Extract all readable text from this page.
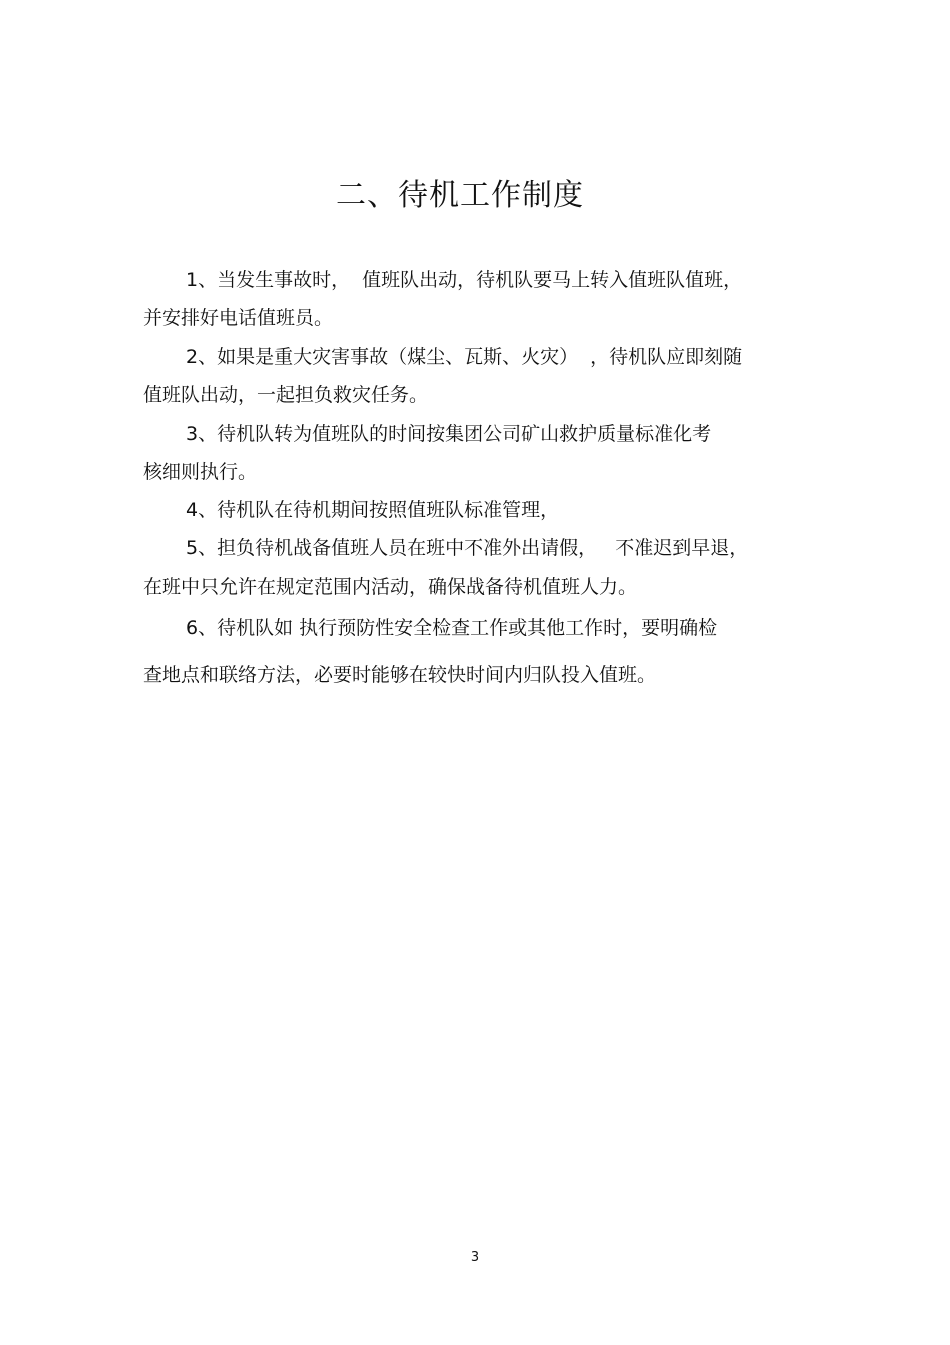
二、待机工作制度
1、当发生事故时，  值班队出动，待机队要马上转入值班队值班，
并安排好电话值班员。
2、如果是重大灾害事故（煤尘、瓦斯、火灾）  ，待机队应即刻随
值班队出动，一起担负救灾任务。
3、待机队转为值班队的时间按集团公司矿山救护质量标准化考
核细则执行。
4、待机队在待机期间按照值班队标准管理，
5、担负待机战备值班人员在班中不准外出请假，   不准迟到早退，
在班中只允许在规定范围内活动，确保战备待机值班人力。
6、待机队如 执行预防性安全检查工作或其他工作时，要明确检
查地点和联络方法，必要时能够在较快时间内归队投入值班。
3
